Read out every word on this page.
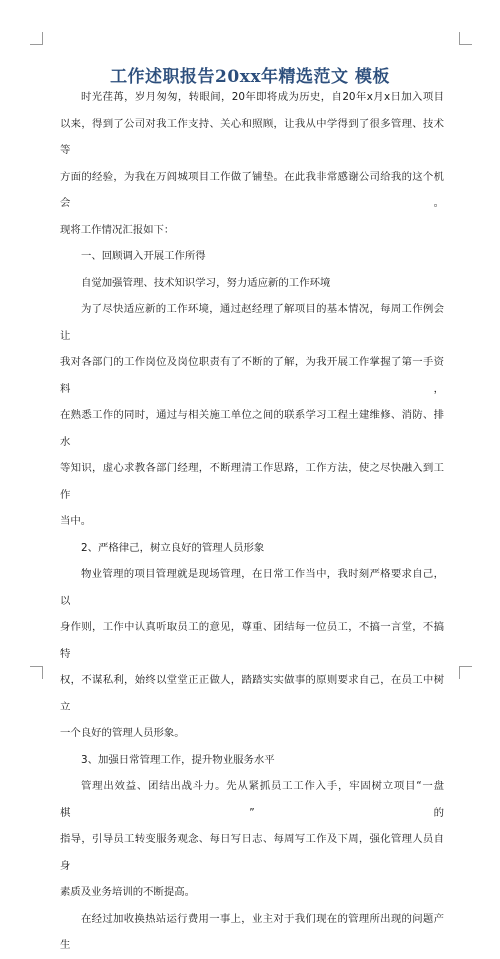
工作述职报告20xx年精选范文 模板

时光荏苒，岁月匆匆，转眼间，20年即将成为历史，自20年x月x日加入项目

以来，得到了公司对我工作支持、关心和照顾，让我从中学得到了很多管理、技术等

方面的经验，为我在万闾城项目工作做了铺垫。在此我非常感谢公司给我的这个机会。

现将工作情况汇报如下：

一、回顾调入开展工作所得

自觉加强管理、技术知识学习，努力适应新的工作环境

为了尽快适应新的工作环境，通过赵经理了解项目的基本情况，每周工作例会让

我对各部门的工作岗位及岗位职责有了不断的了解，为我开展工作掌握了第一手资料，

在熟悉工作的同时，通过与相关施工单位之间的联系学习工程土建维修、消防、排水

等知识，虚心求教各部门经理，不断理清工作思路，工作方法，使之尽快融入到工作

当中。

2、严格律己，树立良好的管理人员形象

物业管理的项目管理就是现场管理，在日常工作当中，我时刻严格要求自己，以

身作则，工作中认真听取员工的意见，尊重、团结每一位员工，不搞一言堂，不搞特

权，不谋私利，始终以堂堂正正做人，踏踏实实做事的原则要求自己，在员工中树立

一个良好的管理人员形象。

3、加强日常管理工作，提升物业服务水平

管理出效益、团结出战斗力。先从紧抓员工工作入手，牢固树立项目“一盘棋”的

指导，引导员工转变服务观念、每日写日志、每周写工作及下周，强化管理人员自身

素质及业务培训的不断提高。

在经过加收换热站运行费用一事上，业主对于我们现在的管理所出现的问题产生
